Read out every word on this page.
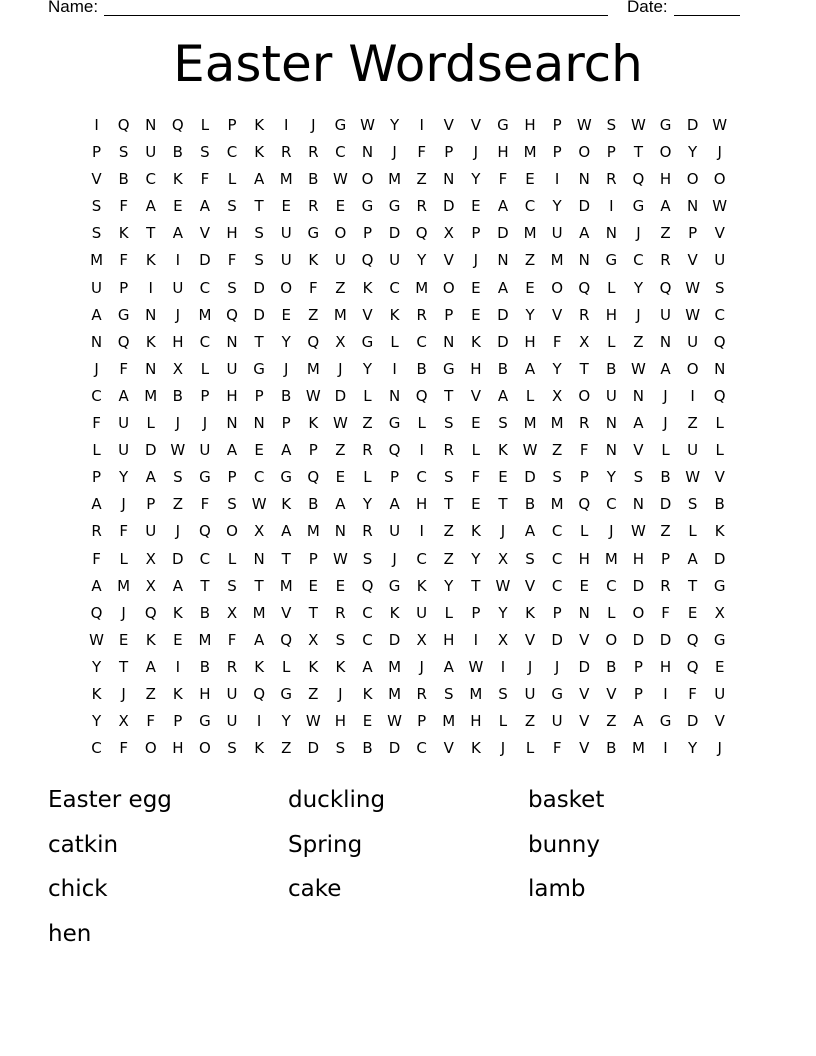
Name:	Date:
Easter Wordsearch
I	Q	N	Q	L	P	K	I	J	G W	Y	I	V	V	G	H	P	W S W G	D W
P	S	U	B	S	C	K	R	R	C	N	J	F	P	J	H M	P	O	P	T	O	Y	J
V	B	C	K	F	L	A	M	B W O M	Z	N	Y	F	E	I	N	R	Q	H	O	O
S	F	A	E	A	S	T	E	R	E	G	G	R	D	E	A	C	Y	D	I	G	A	N W
S	K	T	A	V	H	S	U	G	O	P	D	Q	X	P	D M	U	A	N	J	Z	P	V
M	F	K	I	D	F	S	U	K	U	Q	U	Y	V	J	N	Z	M	N	G	C	R	V	U
U	P	I	U	C	S	D	O	F	Z	K	C	M O	E	A	E	O	Q	L	Y	Q W S
A	G	N	J	M Q	D	E	Z	M	V	K	R	P	E	D	Y	V	R	H	J	U W C
N	Q	K	H	C	N	T	Y	Q	X	G	L	C	N	K	D	H	F	X	L	Z	N	U	Q
J	F	N	X	L	U	G	J	M	J	Y	I	B	G	H	B	A	Y	T	B W A	O	N
C	A	M	B	P	H	P	B W D	L	N	Q	T	V	A	L	X	O	U	N	J	I	Q
F	U	L	J	J	N	N	P	K W Z	G	L	S	E	S	M M	R	N	A	J	Z	L
L	U	D W U	A	E	A	P	Z	R	Q	I	R	L	K W Z	F	N	V	L	U	L
P	Y	A	S	G	P	C	G	Q	E	L	P	C	S	F	E	D	S	P	Y	S	B W V
A	J	P	Z	F	S W K	B	A	Y	A	H	T	E	T	B	M Q	C	N	D	S	B
R	F	U	J	Q	O	X	A	M	N	R	U	I	Z	K	J	A	C	L	J	W Z	L	K
F	L	X	D	C	L	N	T	P	W S	J	C	Z	Y	X	S	C	H M H	P	A	D
A	M	X	A	T	S	T	M	E	E	Q	G	K	Y	T	W V	C	E	C	D	R	T	G
Q	J	Q	K	B	X	M	V	T	R	C	K	U	L	P	Y	K	P	N	L	O	F	E	X
W E	K	E	M	F	A	Q	X	S	C	D	X	H	I	X	V	D	V	O	D	D	Q	G
Y	T	A	I	B	R	K	L	K	K	A	M	J	A W	I	J	J	D	B	P	H	Q	E
K	J	Z	K	H	U	Q	G	Z	J	K	M	R	S	M	S	U	G	V	V	P	I	F	U
Y	X	F	P	G	U	I	Y	W H	E W	P	M H	L	Z	U	V	Z	A	G	D	V
C	F	O	H	O	S	K	Z	D	S	B	D	C	V	K	J	L	F	V	B	M	I	Y	J
Easter egg	duckling	basket
catkin	Spring	bunny
chick	cake	lamb
hen
